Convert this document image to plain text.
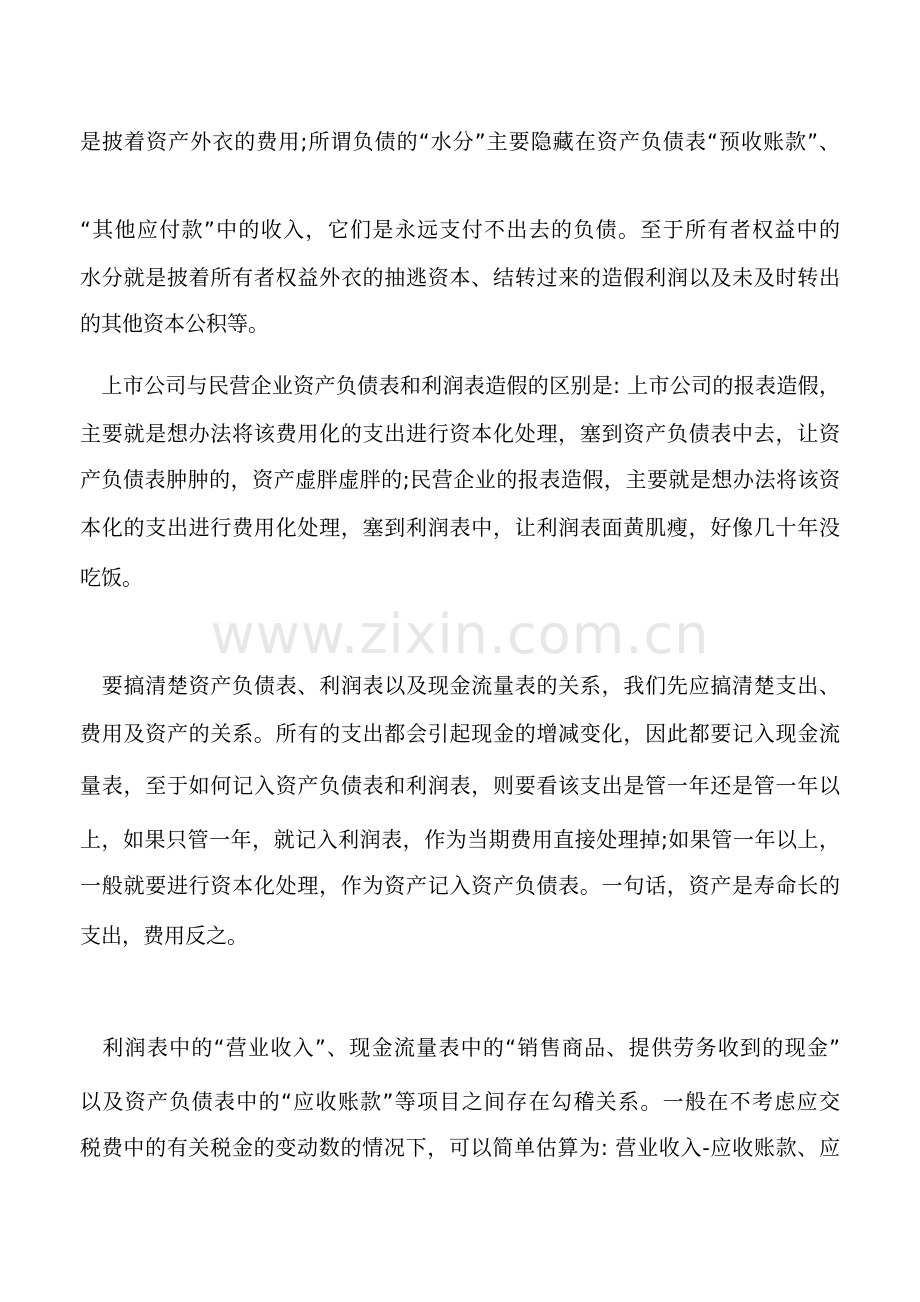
是披着资产外衣的费用;所谓负债的“水分”主要隐藏在资产负债表“预收账款”、
“其他应付款”中的收入，它们是永远支付不出去的负债。至于所有者权益中的
水分就是披着所有者权益外衣的抽逃资本、结转过来的造假利润以及未及时转出
的其他资本公积等。
　上市公司与民营企业资产负债表和利润表造假的区别是: 上市公司的报表造假，
主要就是想办法将该费用化的支出进行资本化处理，塞到资产负债表中去，让资
产负债表肿肿的，资产虚胖虚胖的;民营企业的报表造假，主要就是想办法将该资
本化的支出进行费用化处理，塞到利润表中，让利润表面黄肌瘦，好像几十年没
吃饭。
　要搞清楚资产负债表、利润表以及现金流量表的关系，我们先应搞清楚支出、
费用及资产的关系。所有的支出都会引起现金的增减变化，因此都要记入现金流
量表，至于如何记入资产负债表和利润表，则要看该支出是管一年还是管一年以
上，如果只管一年，就记入利润表，作为当期费用直接处理掉;如果管一年以上，
一般就要进行资本化处理，作为资产记入资产负债表。一句话，资产是寿命长的
支出，费用反之。
　利润表中的“营业收入”、现金流量表中的“销售商品、提供劳务收到的现金”
以及资产负债表中的“应收账款”等项目之间存在勾稽关系。一般在不考虑应交
税费中的有关税金的变动数的情况下，可以简单估算为: 营业收入-应收账款、应
www.zixin.com.cn
